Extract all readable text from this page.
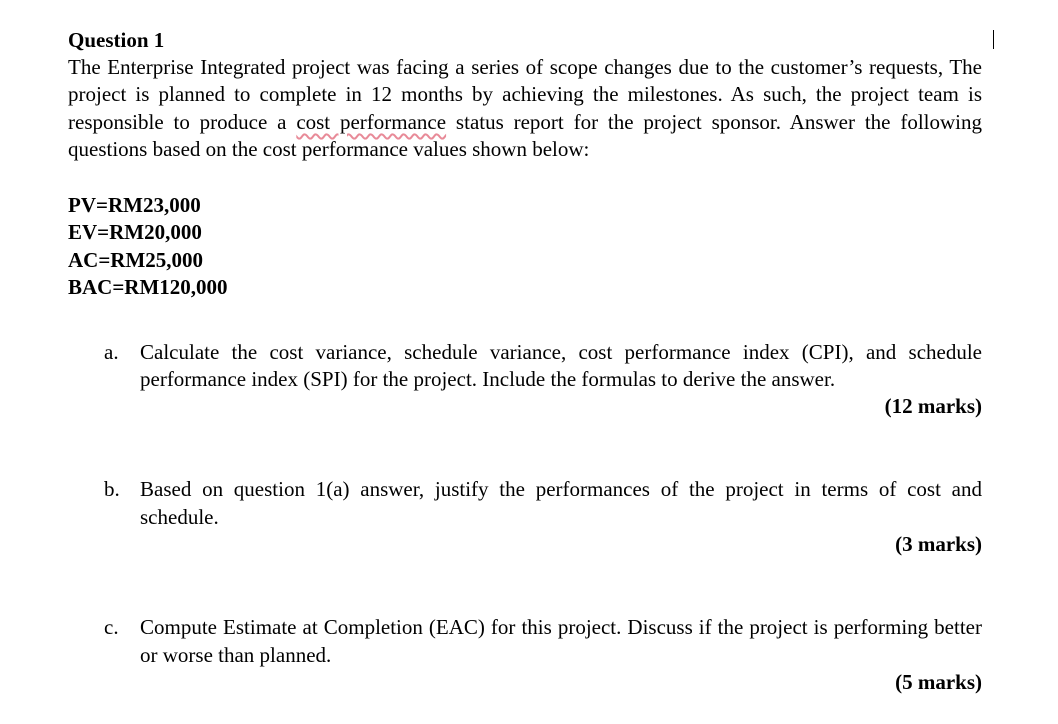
Question 1

The Enterprise Integrated project was facing a series of scope changes due to the customer’s requests, The project is planned to complete in 12 months by achieving the milestones. As such, the project team is responsible to produce a cost performance status report for the project sponsor. Answer the following questions based on the cost performance values shown below:

PV=RM23,000
EV=RM20,000
AC=RM25,000
BAC=RM120,000
a. Calculate the cost variance, schedule variance, cost performance index (CPI), and schedule performance index (SPI) for the project. Include the formulas to derive the answer.
(12 marks)
b. Based on question 1(a) answer, justify the performances of the project in terms of cost and schedule.
(3 marks)
c. Compute Estimate at Completion (EAC) for this project. Discuss if the project is performing better or worse than planned.
(5 marks)
